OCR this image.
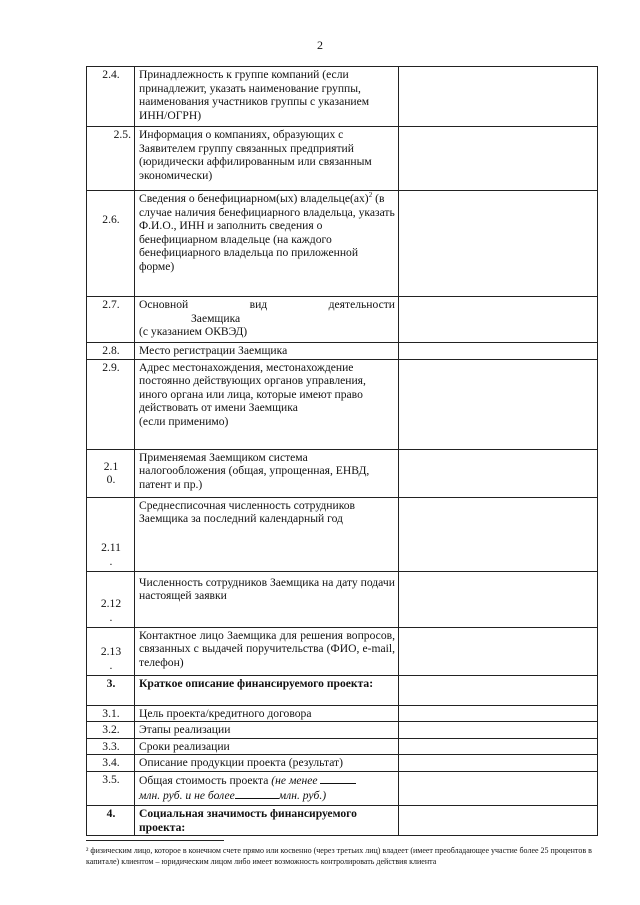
2
2.4.	Принадлежность к группе компаний (если принадлежит, указать наименование группы, наименования участников группы с указанием ИНН/ОГРН)	
2.5.	Информация о компаниях, образующих с Заявителем группу связанных предприятий (юридически аффилированным или связанным экономически)	
2.6.	Сведения о бенефициарном(ых) владельце(ах)$^2$ (в случае наличия бенефициарного владельца, указать Ф.И.О., ИНН и заполнить сведения о бенефициарном владельце (на каждого бенефициарного владельца по приложенной форме)	
2.7.	Основной вид деятельности
Заемщика
(с указанием ОКВЭД)	

2.8.	Место регистрации Заемщика	
2.9.	Адрес местонахождения, местонахождение постоянно действующих органов управления, иного органа или лица, которые имеют право действовать от имени Заемщика
(если применимо)	

2.1
0.	Применяемая Заемщиком система налогообложения (общая, упрощенная, ЕНВД, патент и пр.)	
2.11
.	Среднесписочная численность сотрудников Заемщика за последний календарный год	
2.12
.	Численность сотрудников Заемщика на дату подачи настоящей заявки	
2.13
.	Контактное лицо Заемщика для решения вопросов, связанных с выдачей поручительства (ФИО, e-mail, телефон)	
3.	Краткое описание финансируемого проекта:	
3.1.	Цель проекта/кредитного договора	
3.2.	Этапы реализации	
3.3.	Сроки реализации	
3.4.	Описание продукции проекта (результат)	
3.5.	Общая стоимость проекта (не менее
млн. руб. и не более млн. руб.)	

4.	Социальная значимость финансируемого проекта:	
² физическим лицо, которое в конечном счете прямо или косвенно (через третьих лиц) владеет (имеет преобладающее участие более 25 процентов в капитале) клиентом – юридическим лицом либо имеет возможность контролировать действия клиента
